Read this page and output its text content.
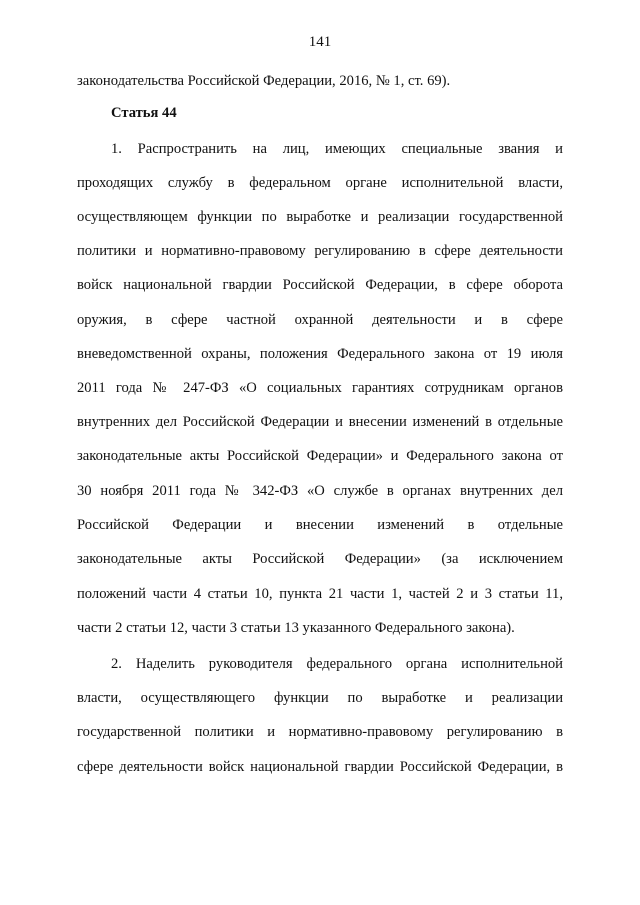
141
законодательства Российской Федерации, 2016, № 1, ст. 69).
Статья 44
1. Распространить на лиц, имеющих специальные звания и
проходящих службу в федеральном органе исполнительной власти,
осуществляющем функции по выработке и реализации государственной
политики и нормативно-правовому регулированию в сфере деятельности
войск национальной гвардии Российской Федерации, в сфере оборота
оружия, в сфере частной охранной деятельности и в сфере
вневедомственной охраны, положения Федерального закона от 19 июля
2011 года № 247-ФЗ «О социальных гарантиях сотрудникам органов
внутренних дел Российской Федерации и внесении изменений в отдельные
законодательные акты Российской Федерации» и Федерального закона от
30 ноября 2011 года № 342-ФЗ «О службе в органах внутренних дел
Российской Федерации и внесении изменений в отдельные
законодательные акты Российской Федерации» (за исключением
положений части 4 статьи 10, пункта 21 части 1, частей 2 и 3 статьи 11,
части 2 статьи 12, части 3 статьи 13 указанного Федерального закона).
2. Наделить руководителя федерального органа исполнительной
власти, осуществляющего функции по выработке и реализации
государственной политики и нормативно-правовому регулированию в
сфере деятельности войск национальной гвардии Российской Федерации, в
